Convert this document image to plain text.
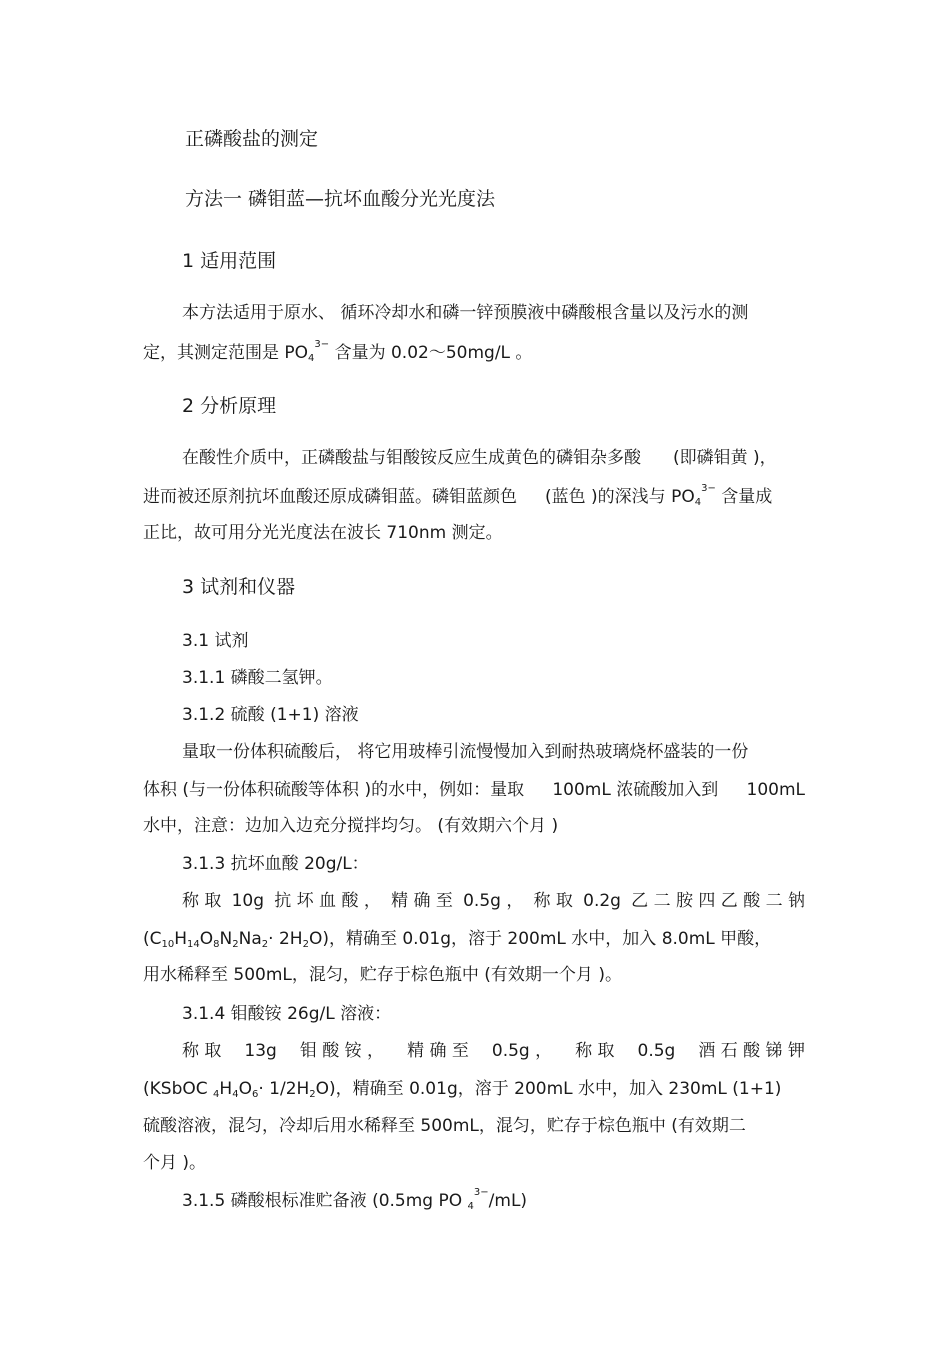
正磷酸盐的测定
方法一 磷钼蓝—抗坏血酸分光光度法
1 适用范围
本方法适用于原水、 循环冷却水和磷一锌预膜液中磷酸根含量以及污水的测
定，其测定范围是 $PO_4^{3-}$ 含量为 0.02～50mg/L 。
2 分析原理
在酸性介质中，正磷酸盐与钼酸铵反应生成黄色的磷钼杂多酸 (即磷钼黄 )，
进而被还原剂抗坏血酸还原成磷钼蓝。磷钼蓝颜色 (蓝色 )的深浅与 $PO_4^{3-}$ 含量成
正比，故可用分光光度法在波长 710nm 测定。
3 试剂和仪器
3.1 试剂
3.1.1 磷酸二氢钾。
3.1.2 硫酸 (1+1) 溶液
量取一份体积硫酸后， 将它用玻棒引流慢慢加入到耐热玻璃烧杯盛装的一份
体积 (与一份体积硫酸等体积 )的水中，例如：量取 100mL 浓硫酸加入到 100mL
水中，注意：边加入边充分搅拌均匀。 (有效期六个月 )
3.1.3 抗坏血酸 20g/L：
称 取 10g 抗 坏 血 酸 ， 精 确 至 0.5g ， 称 取 0.2g 乙 二 胺 四 乙 酸 二 钠
$(C_{10}H_{14}O_8N_2Na_2\cdot 2H_2O)$，精确至 0.01g，溶于 200mL 水中，加入 8.0mL 甲酸，
用水稀释至 500mL，混匀，贮存于棕色瓶中 (有效期一个月 )。
3.1.4 钼酸铵 26g/L 溶液：
称 取 13g 钼 酸 铵 ， 精 确 至 0.5g ， 称 取 0.5g 酒 石 酸 锑 钾
(KSbOC $_4H_4O_6\cdot 1/2H_2O$)，精确至 0.01g，溶于 200mL 水中，加入 230mL (1+1)
硫酸溶液，混匀，冷却后用水稀释至 500mL，混匀，贮存于棕色瓶中 (有效期二
个月 )。
3.1.5 磷酸根标准贮备液 (0.5mg PO $_4^{3-}$/mL)
